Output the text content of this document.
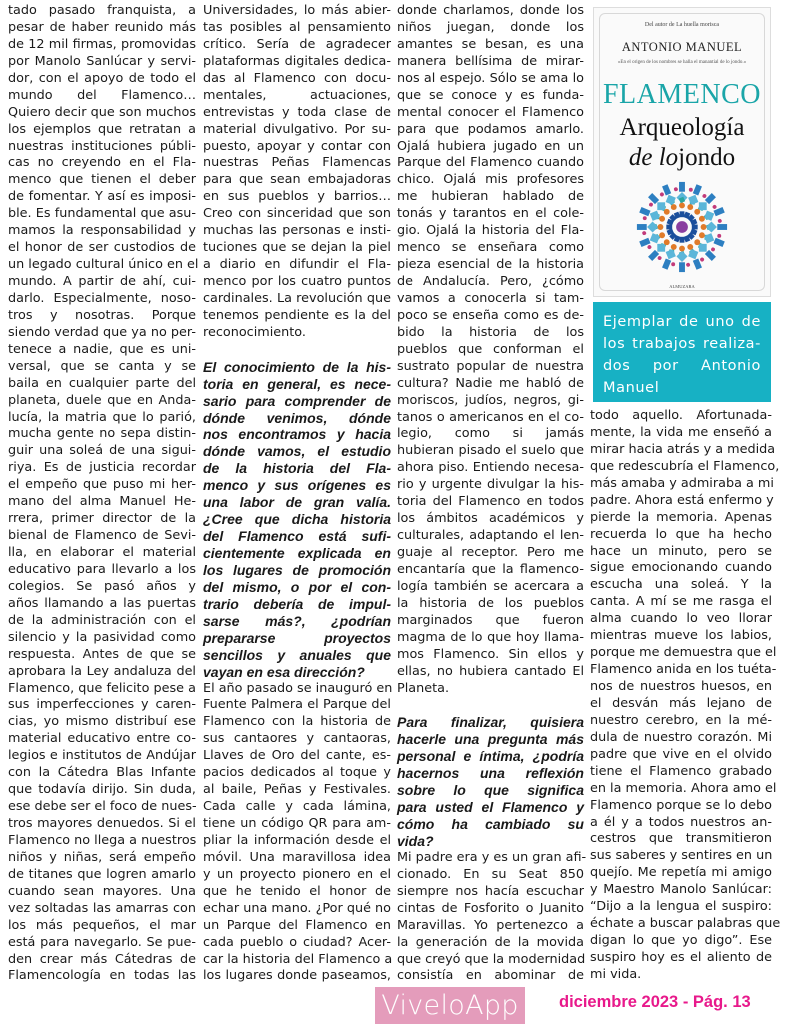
tado pasado franquista, a
pesar de haber reunido más
de 12 mil firmas, promovidas
por Manolo Sanlúcar y servi-
dor, con el apoyo de todo el
mundo del Flamenco…
Quiero decir que son muchos
los ejemplos que retratan a
nuestras instituciones públi-
cas no creyendo en el Fla-
menco que tienen el deber
de fomentar. Y así es imposi-
ble. Es fundamental que asu-
mamos la responsabilidad y
el honor de ser custodios de
un legado cultural único en el
mundo. A partir de ahí, cui-
darlo. Especialmente, noso-
tros y nosotras. Porque
siendo verdad que ya no per-
tenece a nadie, que es uni-
versal, que se canta y se
baila en cualquier parte del
planeta, duele que en Anda-
lucía, la matria que lo parió,
mucha gente no sepa distin-
guir una soleá de una sigui-
riya. Es de justicia recordar
el empeño que puso mi her-
mano del alma Manuel He-
rrera, primer director de la
bienal de Flamenco de Sevi-
lla, en elaborar el material
educativo para llevarlo a los
colegios. Se pasó años y
años llamando a las puertas
de la administración con el
silencio y la pasividad como
respuesta. Antes de que se
aprobara la Ley andaluza del
Flamenco, que felicito pese a
sus imperfecciones y caren-
cias, yo mismo distribuí ese
material educativo entre co-
legios e institutos de Andújar
con la Cátedra Blas Infante
que todavía dirijo. Sin duda,
ese debe ser el foco de nues-
tros mayores denuedos. Si el
Flamenco no llega a nuestros
niños y niñas, será empeño
de titanes que logren amarlo
cuando sean mayores. Una
vez soltadas las amarras con
los más pequeños, el mar
está para navegarlo. Se pue-
den crear más Cátedras de
Flamencología en todas las
Universidades, lo más abier-
tas posibles al pensamiento
crítico. Sería de agradecer
plataformas digitales dedica-
das al Flamenco con docu-
mentales, actuaciones,
entrevistas y toda clase de
material divulgativo. Por su-
puesto, apoyar y contar con
nuestras Peñas Flamencas
para que sean embajadoras
en sus pueblos y barrios…
Creo con sinceridad que son
muchas las personas e insti-
tuciones que se dejan la piel
a diario en difundir el Fla-
menco por los cuatro puntos
cardinales. La revolución que
tenemos pendiente es la del
reconocimiento.
El conocimiento de la his-
toria en general, es nece-
sario para comprender de
dónde venimos, dónde
nos encontramos y hacia
dónde vamos, el estudio
de la historia del Fla-
menco y sus orígenes es
una labor de gran valía.
¿Cree que dicha historia
del Flamenco está sufi-
cientemente explicada en
los lugares de promoción
del mismo, o por el con-
trario debería de impul-
sarse más?, ¿podrían
prepararse proyectos
sencillos y anuales que
vayan en esa dirección?
El año pasado se inauguró en
Fuente Palmera el Parque del
Flamenco con la historia de
sus cantaores y cantaoras,
Llaves de Oro del cante, es-
pacios dedicados al toque y
al baile, Peñas y Festivales.
Cada calle y cada lámina,
tiene un código QR para am-
pliar la información desde el
móvil. Una maravillosa idea
y un proyecto pionero en el
que he tenido el honor de
echar una mano. ¿Por qué no
un Parque del Flamenco en
cada pueblo o ciudad? Acer-
car la historia del Flamenco a
los lugares donde paseamos,
donde charlamos, donde los
niños juegan, donde los
amantes se besan, es una
manera bellísima de mirar-
nos al espejo. Sólo se ama lo
que se conoce y es funda-
mental conocer el Flamenco
para que podamos amarlo.
Ojalá hubiera jugado en un
Parque del Flamenco cuando
chico. Ojalá mis profesores
me hubieran hablado de
tonás y tarantos en el cole-
gio. Ojalá la historia del Fla-
menco se enseñara como
pieza esencial de la historia
de Andalucía. Pero, ¿cómo
vamos a conocerla si tam-
poco se enseña como es de-
bido la historia de los
pueblos que conforman el
sustrato popular de nuestra
cultura? Nadie me habló de
moriscos, judíos, negros, gi-
tanos o americanos en el co-
legio, como si jamás
hubieran pisado el suelo que
ahora piso. Entiendo necesa-
rio y urgente divulgar la his-
toria del Flamenco en todos
los ámbitos académicos y
culturales, adaptando el len-
guaje al receptor. Pero me
encantaría que la flamenco-
logía también se acercara a
la historia de los pueblos
marginados que fueron
magma de lo que hoy llama-
mos Flamenco. Sin ellos y
ellas, no hubiera cantado El
Planeta.
Para finalizar, quisiera
hacerle una pregunta más
personal e íntima, ¿podría
hacernos una reflexión
sobre lo que significa
para usted el Flamenco y
cómo ha cambiado su
vida?
Mi padre era y es un gran afi-
cionado. En su Seat 850
siempre nos hacía escuchar
cintas de Fosforito o Juanito
Maravillas. Yo pertenezco a
la generación de la movida
que creyó que la modernidad
consistía en abominar de
todo aquello. Afortunada-
mente, la vida me enseñó a
mirar hacia atrás y a medida
que redescubría el Flamenco,
más amaba y admiraba a mi
padre. Ahora está enfermo y
pierde la memoria. Apenas
recuerda lo que ha hecho
hace un minuto, pero se
sigue emocionando cuando
escucha una soleá. Y la
canta. A mí se me rasga el
alma cuando lo veo llorar
mientras mueve los labios,
porque me demuestra que el
Flamenco anida en los tuéta-
nos de nuestros huesos, en
el desván más lejano de
nuestro cerebro, en la mé-
dula de nuestro corazón. Mi
padre que vive en el olvido
tiene el Flamenco grabado
en la memoria. Ahora amo el
Flamenco porque se lo debo
a él y a todos nuestros an-
cestros que transmitieron
sus saberes y sentires en un
quejío. Me repetía mi amigo
y Maestro Manolo Sanlúcar:
“Dijo a la lengua el suspiro:
échate a buscar palabras que
digan lo que yo digo”. Ese
suspiro hoy es el aliento de
mi vida.
Del autor de La huella morisca
ANTONIO MANUEL
«En el origen de los nombres se halla el manantial de lo jondo.»
FLAMENCO
Arqueología
de lojondo
ALMUZARA
Ejemplar de uno de
los trabajos realiza-
dos por Antonio
Manuel
ViveloApp	diciembre 2023 - Pág. 13
